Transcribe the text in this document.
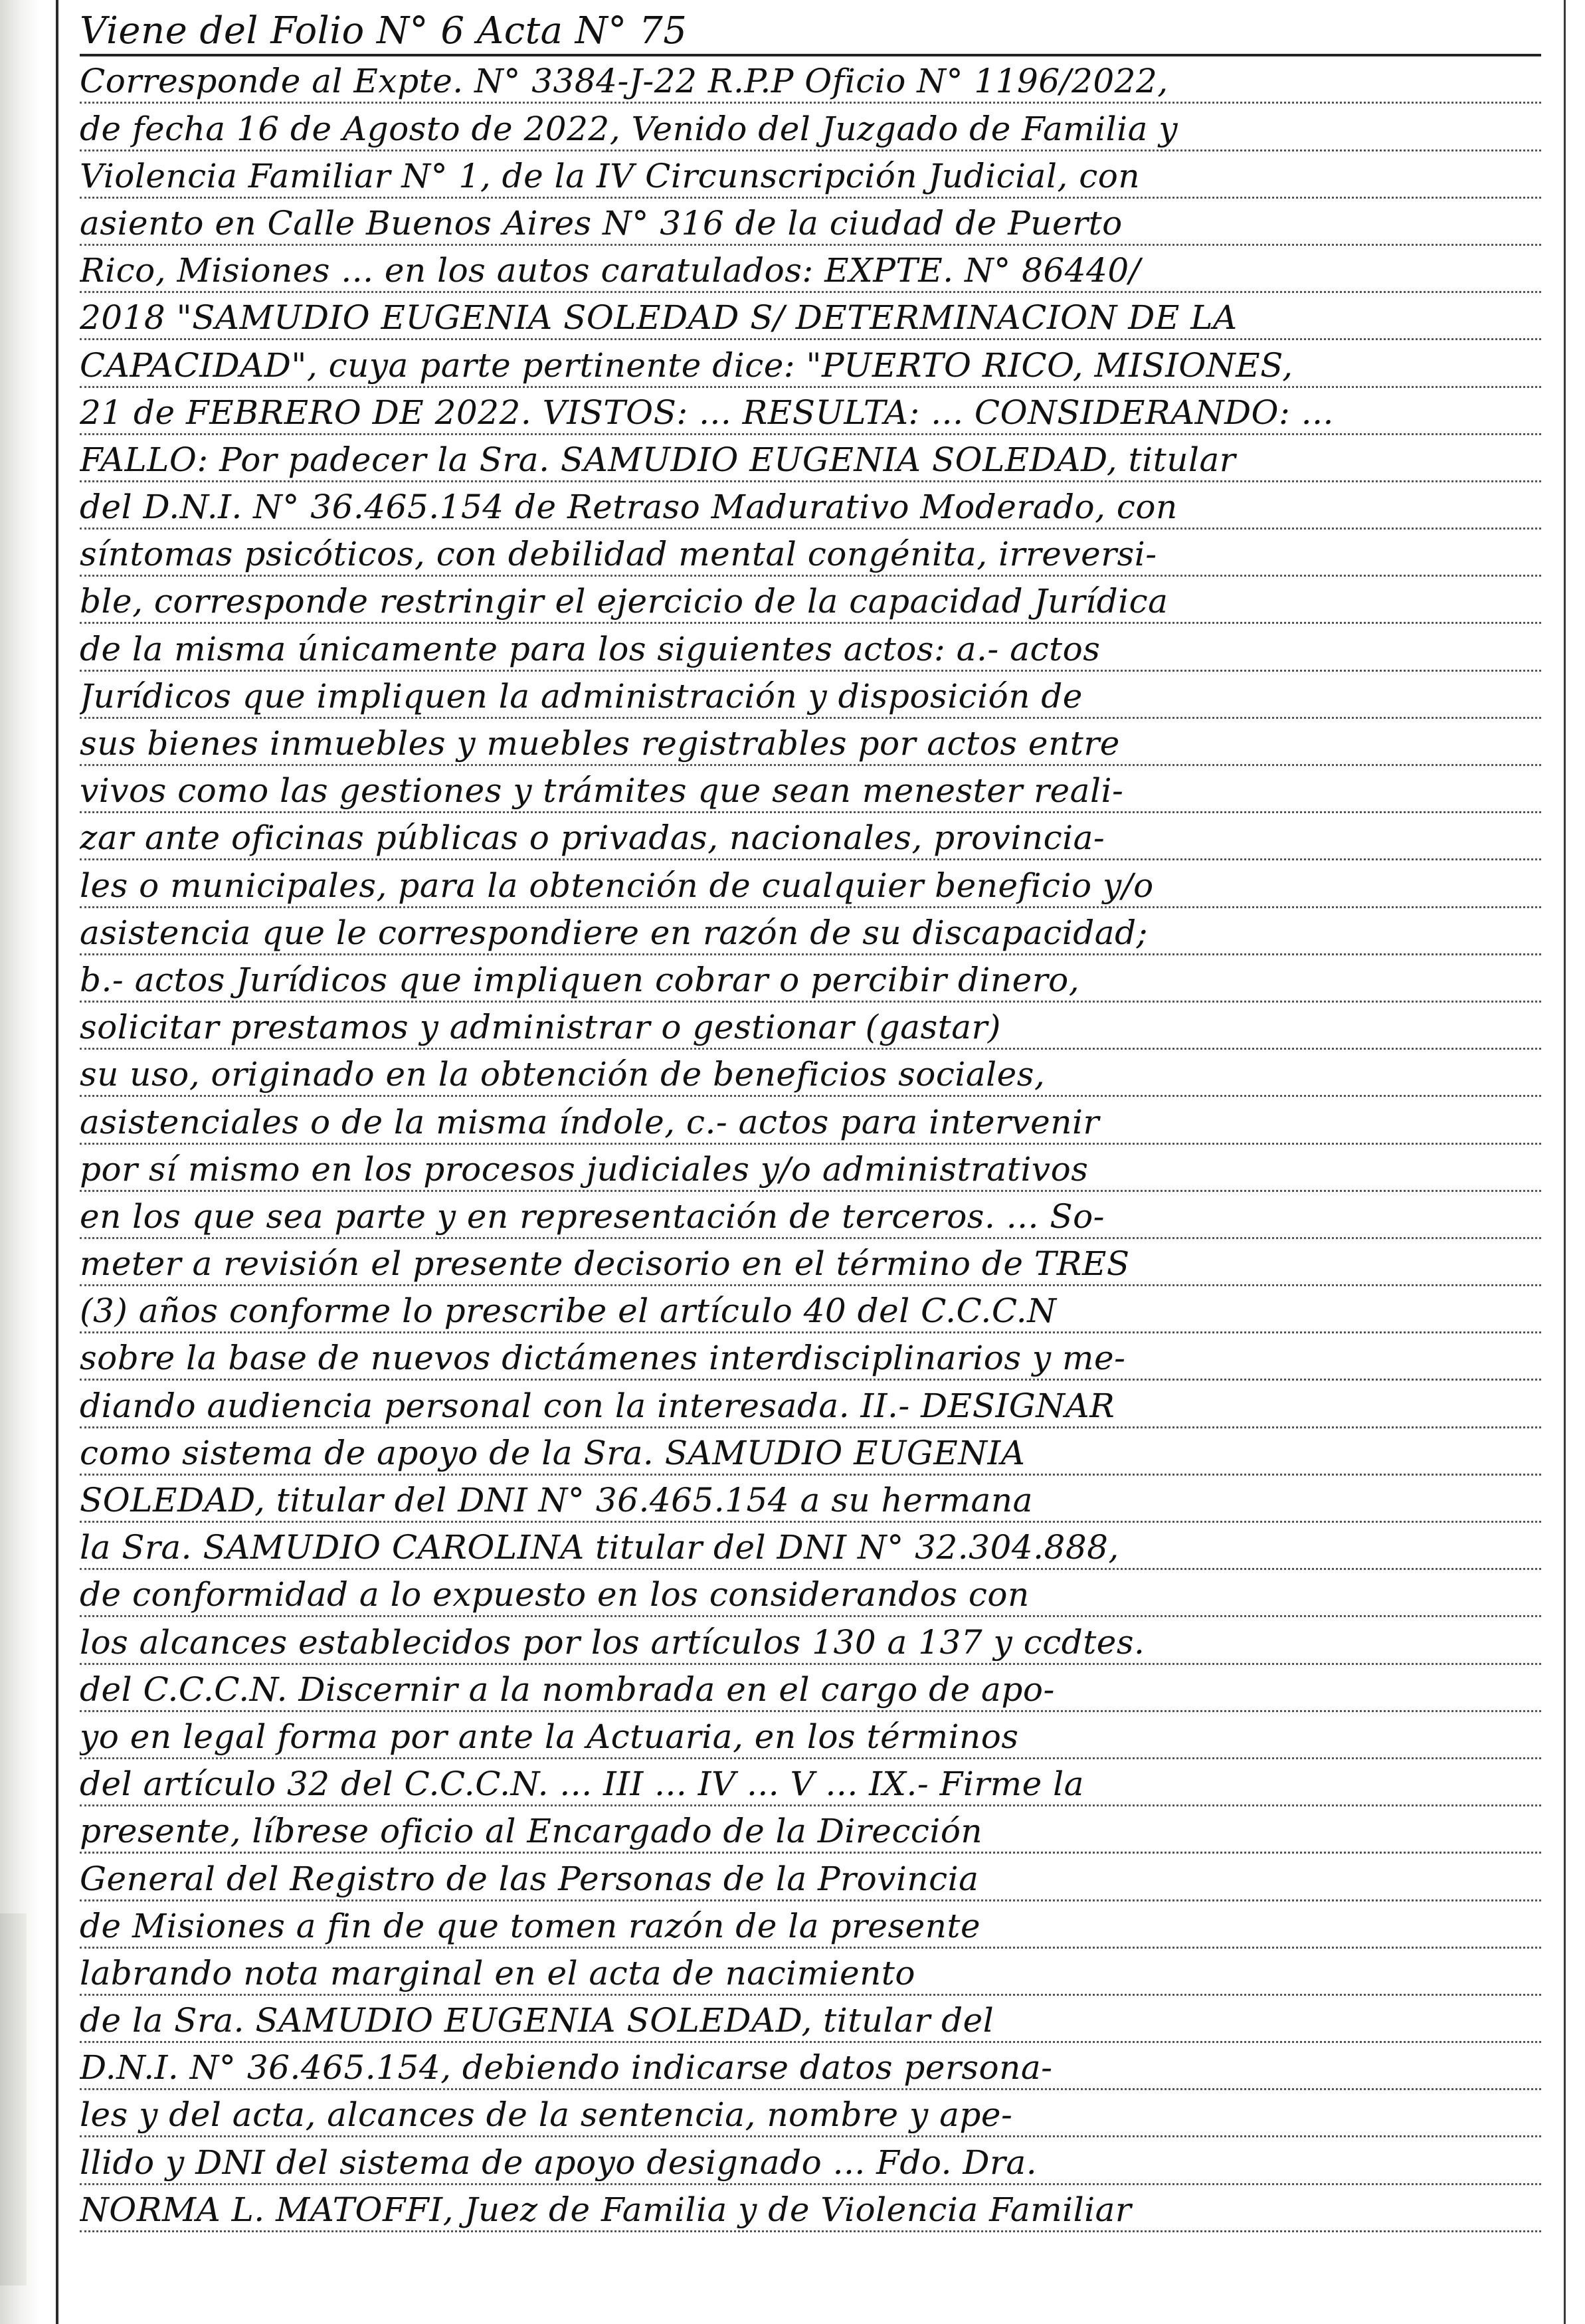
Viene del Folio N° 6 Acta N° 75
Corresponde al Expte. N° 3384-J-22 R.P.P Oficio N° 1196/2022,
de fecha 16 de Agosto de 2022, Venido del Juzgado de Familia y
Violencia Familiar N° 1, de la IV Circunscripción Judicial, con
asiento en Calle Buenos Aires N° 316 de la ciudad de Puerto
Rico, Misiones ... en los autos caratulados: EXPTE. N° 86440/
2018 "SAMUDIO EUGENIA SOLEDAD S/ DETERMINACION DE LA
CAPACIDAD", cuya parte pertinente dice: "PUERTO RICO, MISIONES,
21 de FEBRERO DE 2022. VISTOS: ... RESULTA: ... CONSIDERANDO: ...
FALLO: Por padecer la Sra. SAMUDIO EUGENIA SOLEDAD, titular
del D.N.I. N° 36.465.154 de Retraso Madurativo Moderado, con
síntomas psicóticos, con debilidad mental congénita, irreversi-
ble, corresponde restringir el ejercicio de la capacidad Jurídica
de la misma únicamente para los siguientes actos: a.- actos
Jurídicos que impliquen la administración y disposición de
sus bienes inmuebles y muebles registrables por actos entre
vivos como las gestiones y trámites que sean menester reali-
zar ante oficinas públicas o privadas, nacionales, provincia-
les o municipales, para la obtención de cualquier beneficio y/o
asistencia que le correspondiere en razón de su discapacidad;
b.- actos Jurídicos que impliquen cobrar o percibir dinero,
solicitar prestamos y administrar o gestionar (gastar)
su uso, originado en la obtención de beneficios sociales,
asistenciales o de la misma índole, c.- actos para intervenir
por sí mismo en los procesos judiciales y/o administrativos
en los que sea parte y en representación de terceros. ... So-
meter a revisión el presente decisorio en el término de TRES
(3) años conforme lo prescribe el artículo 40 del C.C.C.N
sobre la base de nuevos dictámenes interdisciplinarios y me-
diando audiencia personal con la interesada. II.- DESIGNAR
como sistema de apoyo de la Sra. SAMUDIO EUGENIA
SOLEDAD, titular del DNI N° 36.465.154 a su hermana
la Sra. SAMUDIO CAROLINA titular del DNI N° 32.304.888,
de conformidad a lo expuesto en los considerandos con
los alcances establecidos por los artículos 130 a 137 y ccdtes.
del C.C.C.N. Discernir a la nombrada en el cargo de apo-
yo en legal forma por ante la Actuaria, en los términos
del artículo 32 del C.C.C.N. ... III ... IV ... V ... IX.- Firme la
presente, líbrese oficio al Encargado de la Dirección
General del Registro de las Personas de la Provincia
de Misiones a fin de que tomen razón de la presente
labrando nota marginal en el acta de nacimiento
de la Sra. SAMUDIO EUGENIA SOLEDAD, titular del
D.N.I. N° 36.465.154, debiendo indicarse datos persona-
les y del acta, alcances de la sentencia, nombre y ape-
llido y DNI del sistema de apoyo designado ... Fdo. Dra.
NORMA L. MATOFFI, Juez de Familia y de Violencia Familiar
